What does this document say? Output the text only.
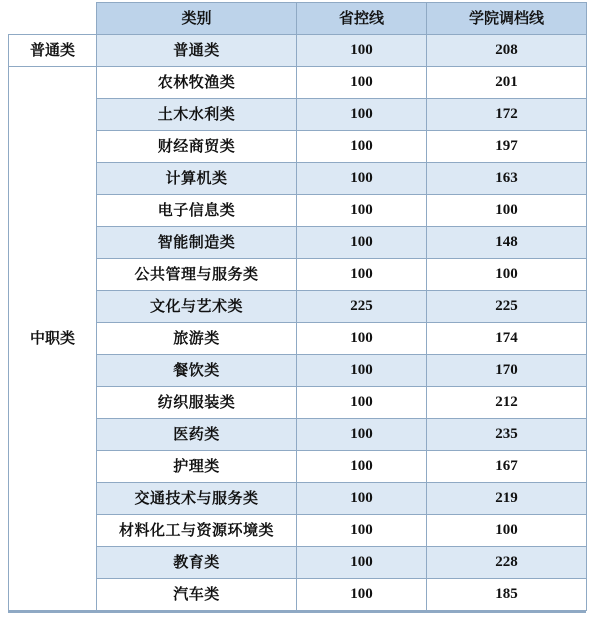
	类别	省控线	学院调档线
普通类	普通类	100	208
中职类	农林牧渔类	100	201
	土木水利类	100	172
	财经商贸类	100	197
	计算机类	100	163
	电子信息类	100	100
	智能制造类	100	148
	公共管理与服务类	100	100
	文化与艺术类	225	225
	旅游类	100	174
	餐饮类	100	170
	纺织服装类	100	212
	医药类	100	235
	护理类	100	167
	交通技术与服务类	100	219
	材料化工与资源环境类	100	100
	教育类	100	228
	汽车类	100	185
